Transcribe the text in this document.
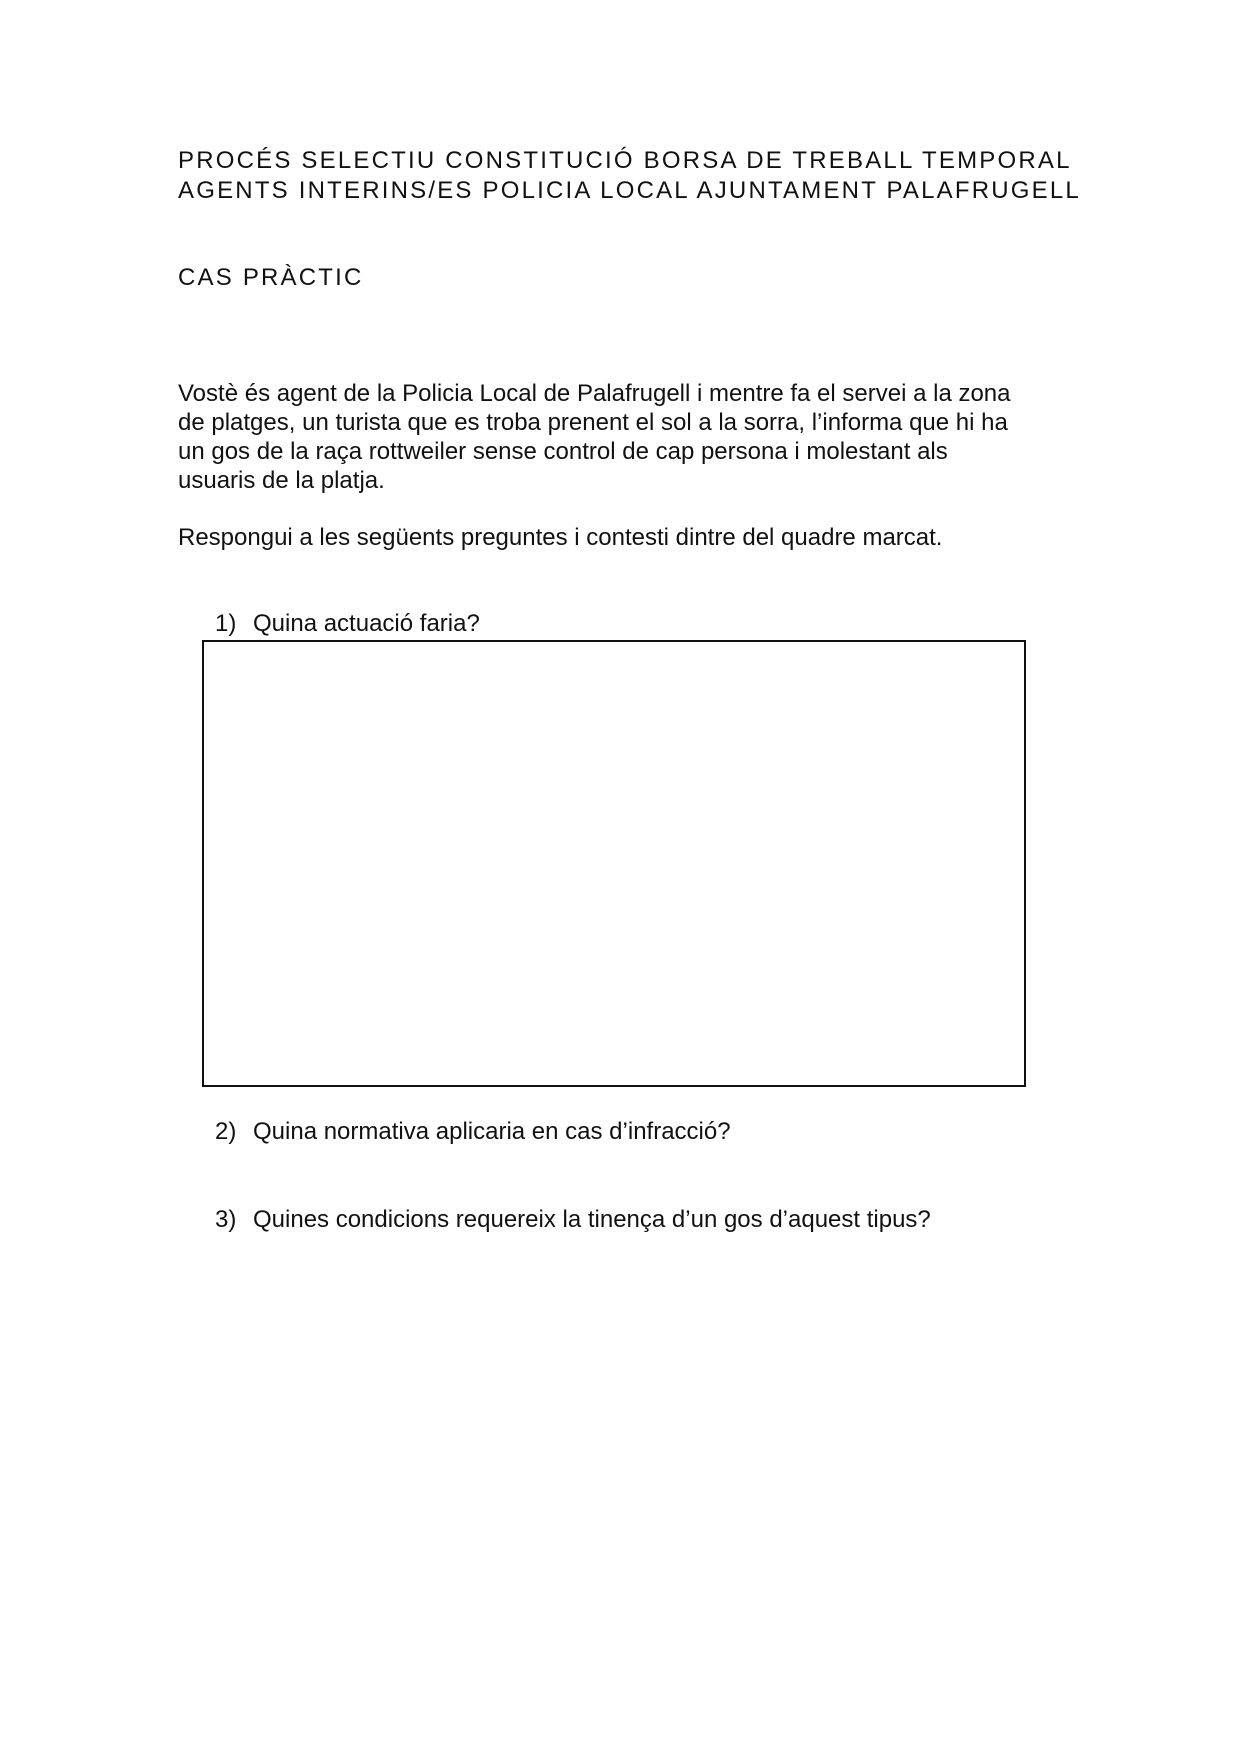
PROCÉS SELECTIU CONSTITUCIÓ BORSA DE TREBALL TEMPORAL
AGENTS INTERINS/ES POLICIA LOCAL AJUNTAMENT PALAFRUGELL
CAS PRÀCTIC
Vostè és agent de la Policia Local de Palafrugell i mentre fa el servei a la zona
de platges, un turista que es troba prenent el sol a la sorra, l’informa que hi ha
un gos de la raça rottweiler sense control de cap persona i molestant als
usuaris de la platja.
Respongui a les següents preguntes i contesti dintre del quadre marcat.
1) Quina actuació faria?
2) Quina normativa aplicaria en cas d’infracció?
3) Quines condicions requereix la tinença d’un gos d’aquest tipus?
